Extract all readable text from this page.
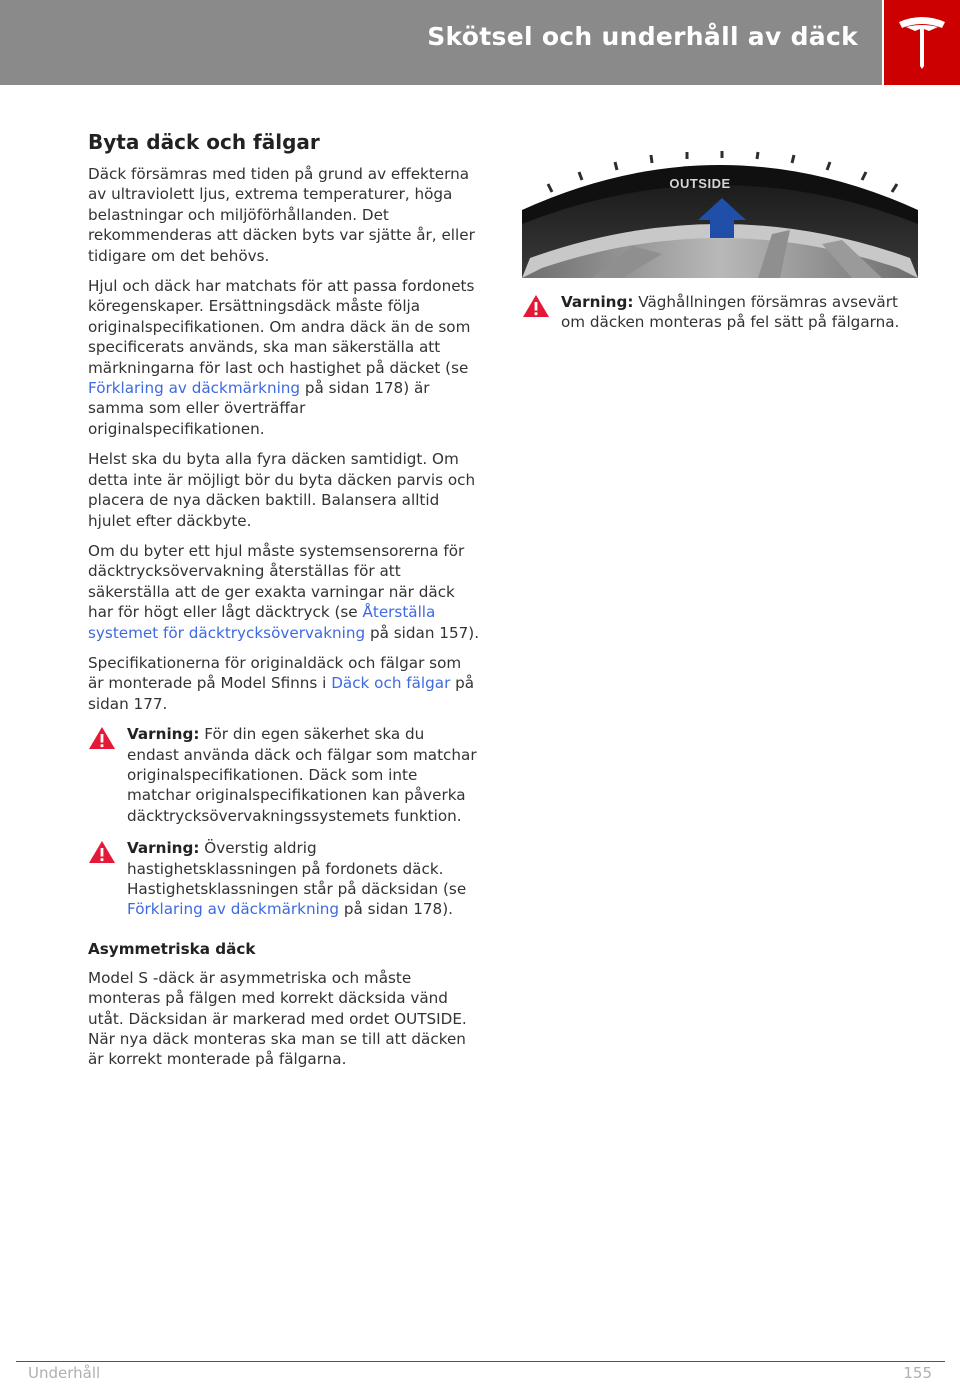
Skötsel och underhåll av däck
Byta däck och fälgar

Däck försämras med tiden på grund av effekterna av ultraviolett ljus, extrema temperaturer, höga belastningar och miljöförhållanden. Det rekommenderas att däcken byts var sjätte år, eller tidigare om det behövs.

Hjul och däck har matchats för att passa fordonets köregenskaper. Ersättningsdäck måste följa originalspecifikationen. Om andra däck än de som specificerats används, ska man säkerställa att märkningarna för last och hastighet på däcket (se Förklaring av däckmärkning på sidan 178) är samma som eller överträffar originalspecifikationen.

Helst ska du byta alla fyra däcken samtidigt. Om detta inte är möjligt bör du byta däcken parvis och placera de nya däcken baktill. Balansera alltid hjulet efter däckbyte.

Om du byter ett hjul måste systemsensorerna för däcktrycksövervakning återställas för att säkerställa att de ger exakta varningar när däck har för högt eller lågt däcktryck (se Återställa systemet för däcktrycksövervakning på sidan 157).

Specifikationerna för originaldäck och fälgar som är monterade på Model Sfinns i Däck och fälgar på sidan 177.

Varning: För din egen säkerhet ska du endast använda däck och fälgar som matchar originalspecifikationen. Däck som inte matchar originalspecifikationen kan påverka däcktrycksövervakningssystemets funktion.
Varning: Överstig aldrig hastighetsklassningen på fordonets däck. Hastighetsklassningen står på däcksidan (se Förklaring av däckmärkning på sidan 178).
Asymmetriska däck

Model S -däck är asymmetriska och måste monteras på fälgen med korrekt däcksida vänd utåt. Däcksidan är markerad med ordet OUTSIDE. När nya däck monteras ska man se till att däcken är korrekt monterade på fälgarna.

OUTSIDE
Varning: Väghållningen försämras avsevärt om däcken monteras på fel sätt på fälgarna.
Underhåll	155
